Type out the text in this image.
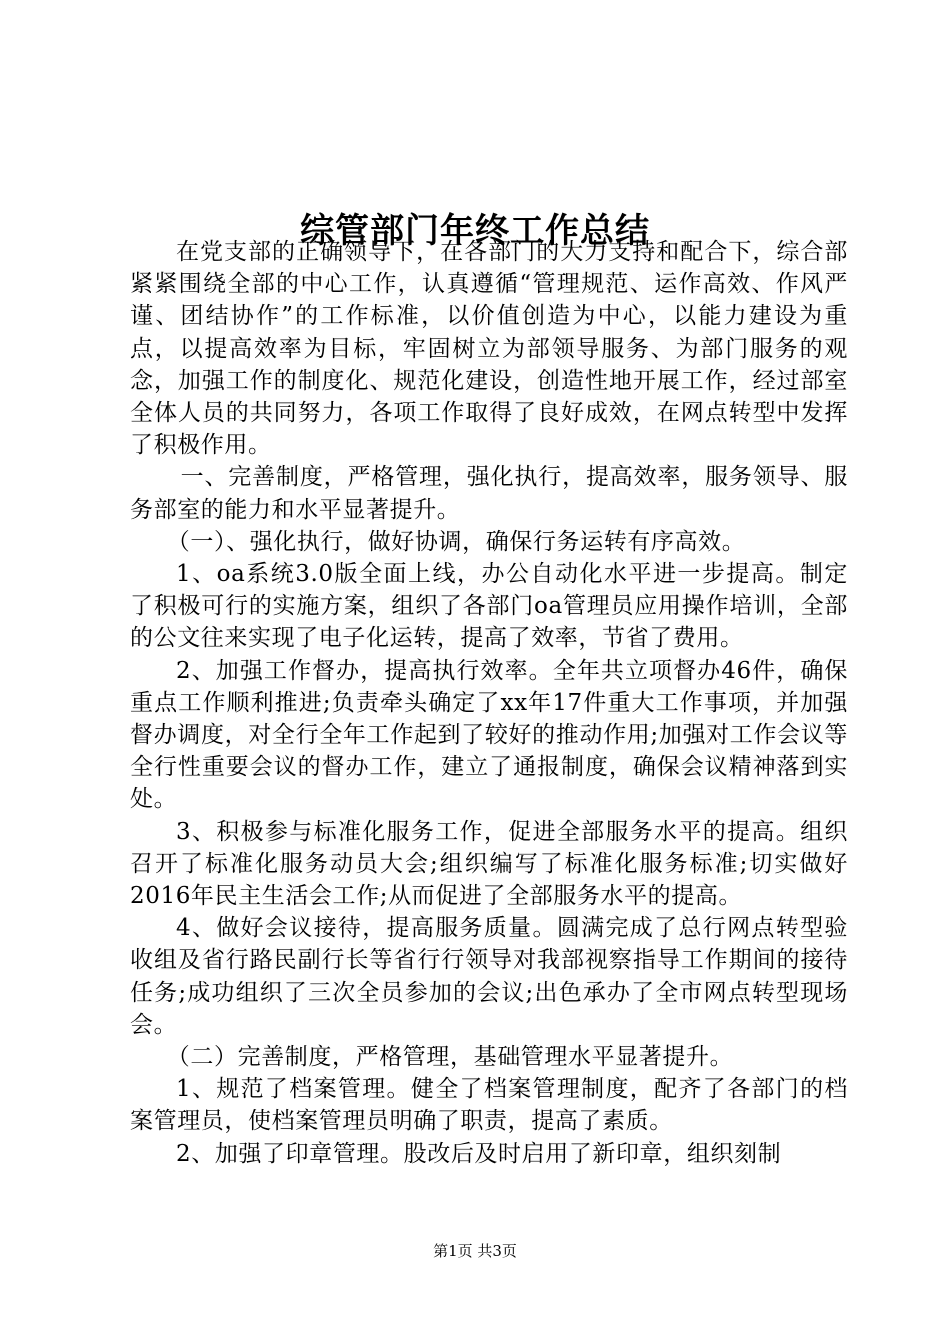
综管部门年终工作总结

在党支部的正确领导下，在各部门的大力支持和配合下，综合部紧紧围绕全部的中心工作，认真遵循“管理规范、运作高效、作风严谨、团结协作”的工作标准，以价值创造为中心，以能力建设为重点，以提高效率为目标，牢固树立为部领导服务、为部门服务的观念，加强工作的制度化、规范化建设，创造性地开展工作，经过部室全体人员的共同努力，各项工作取得了良好成效，在网点转型中发挥了积极作用。

一、完善制度，严格管理，强化执行，提高效率，服务领导、服务部室的能力和水平显著提升。

（一）、强化执行，做好协调，确保行务运转有序高效。

1、oa系统3.0版全面上线，办公自动化水平进一步提高。制定了积极可行的实施方案，组织了各部门oa管理员应用操作培训，全部的公文往来实现了电子化运转，提高了效率，节省了费用。

2、加强工作督办，提高执行效率。全年共立项督办46件，确保重点工作顺利推进;负责牵头确定了xx年17件重大工作事项，并加强督办调度，对全行全年工作起到了较好的推动作用;加强对工作会议等全行性重要会议的督办工作，建立了通报制度，确保会议精神落到实处。

3、积极参与标准化服务工作，促进全部服务水平的提高。组织召开了标准化服务动员大会;组织编写了标准化服务标准;切实做好2016年民主生活会工作;从而促进了全部服务水平的提高。

4、做好会议接待，提高服务质量。圆满完成了总行网点转型验收组及省行路民副行长等省行行领导对我部视察指导工作期间的接待任务;成功组织了三次全员参加的会议;出色承办了全市网点转型现场会。

（二）完善制度，严格管理，基础管理水平显著提升。

1、规范了档案管理。健全了档案管理制度，配齐了各部门的档案管理员，使档案管理员明确了职责，提高了素质。

2、加强了印章管理。股改后及时启用了新印章，组织刻制

第1页 共3页
